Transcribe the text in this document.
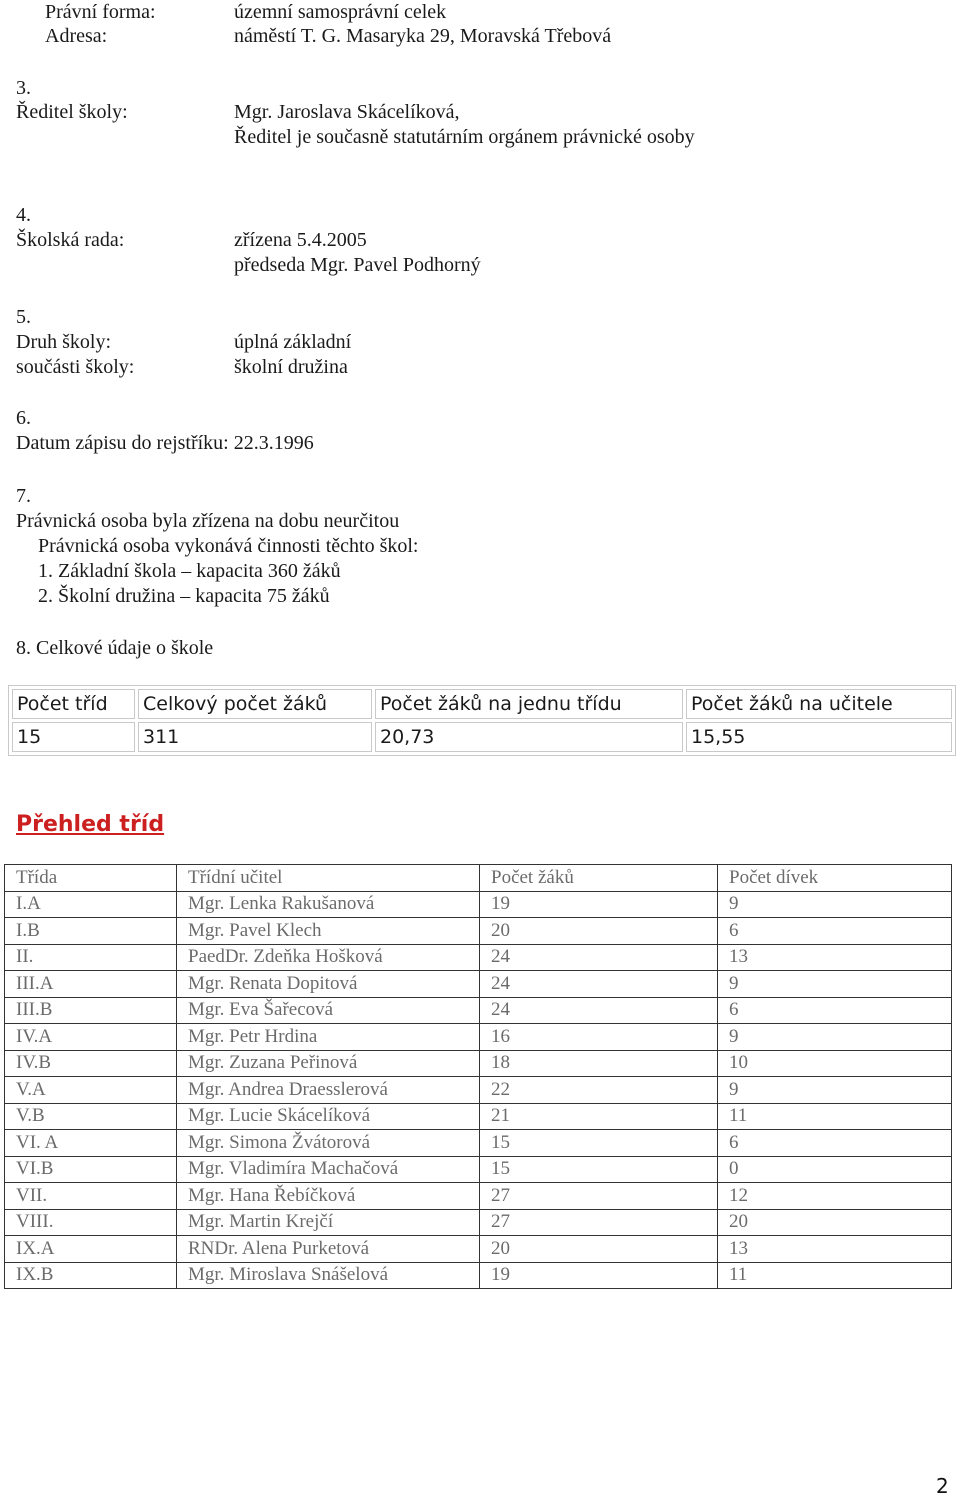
Právní forma:	územní samosprávní celek
Adresa:	náměstí T. G. Masaryka 29, Moravská Třebová
3.
Ředitel školy:	Mgr. Jaroslava Skácelíková,
Ředitel je současně statutárním orgánem právnické osoby
4.
Školská rada:	zřízena 5.4.2005
předseda Mgr. Pavel Podhorný
5.
Druh školy:	úplná základní
součásti školy:	školní družina
6.
Datum zápisu do rejstříku: 22.3.1996
7.
Právnická osoba byla zřízena na dobu neurčitou
Právnická osoba vykonává činnosti těchto škol:
1. Základní škola – kapacita 360 žáků
2. Školní družina – kapacita 75 žáků
8. Celkové údaje o škole
Počet tříd	Celkový počet žáků	Počet žáků na jednu třídu	Počet žáků na učitele
15	311	20,73	15,55
Přehled tříd
Třída	Třídní učitel	Počet žáků	Počet dívek
I.A	Mgr. Lenka Rakušanová	19	9
I.B	Mgr. Pavel Klech	20	6
II.	PaedDr. Zdeňka Hošková	24	13
III.A	Mgr. Renata Dopitová	24	9
III.B	Mgr. Eva Šařecová	24	6
IV.A	Mgr. Petr Hrdina	16	9
IV.B	Mgr. Zuzana Peřinová	18	10
V.A	Mgr. Andrea Draesslerová	22	9
V.B	Mgr. Lucie Skácelíková	21	11
VI. A	Mgr. Simona Žvátorová	15	6
VI.B	Mgr. Vladimíra Machačová	15	0
VII.	Mgr. Hana Řebíčková	27	12
VIII.	Mgr. Martin Krejčí	27	20
IX.A	RNDr. Alena Purketová	20	13
IX.B	Mgr. Miroslava Snášelová	19	11
2
